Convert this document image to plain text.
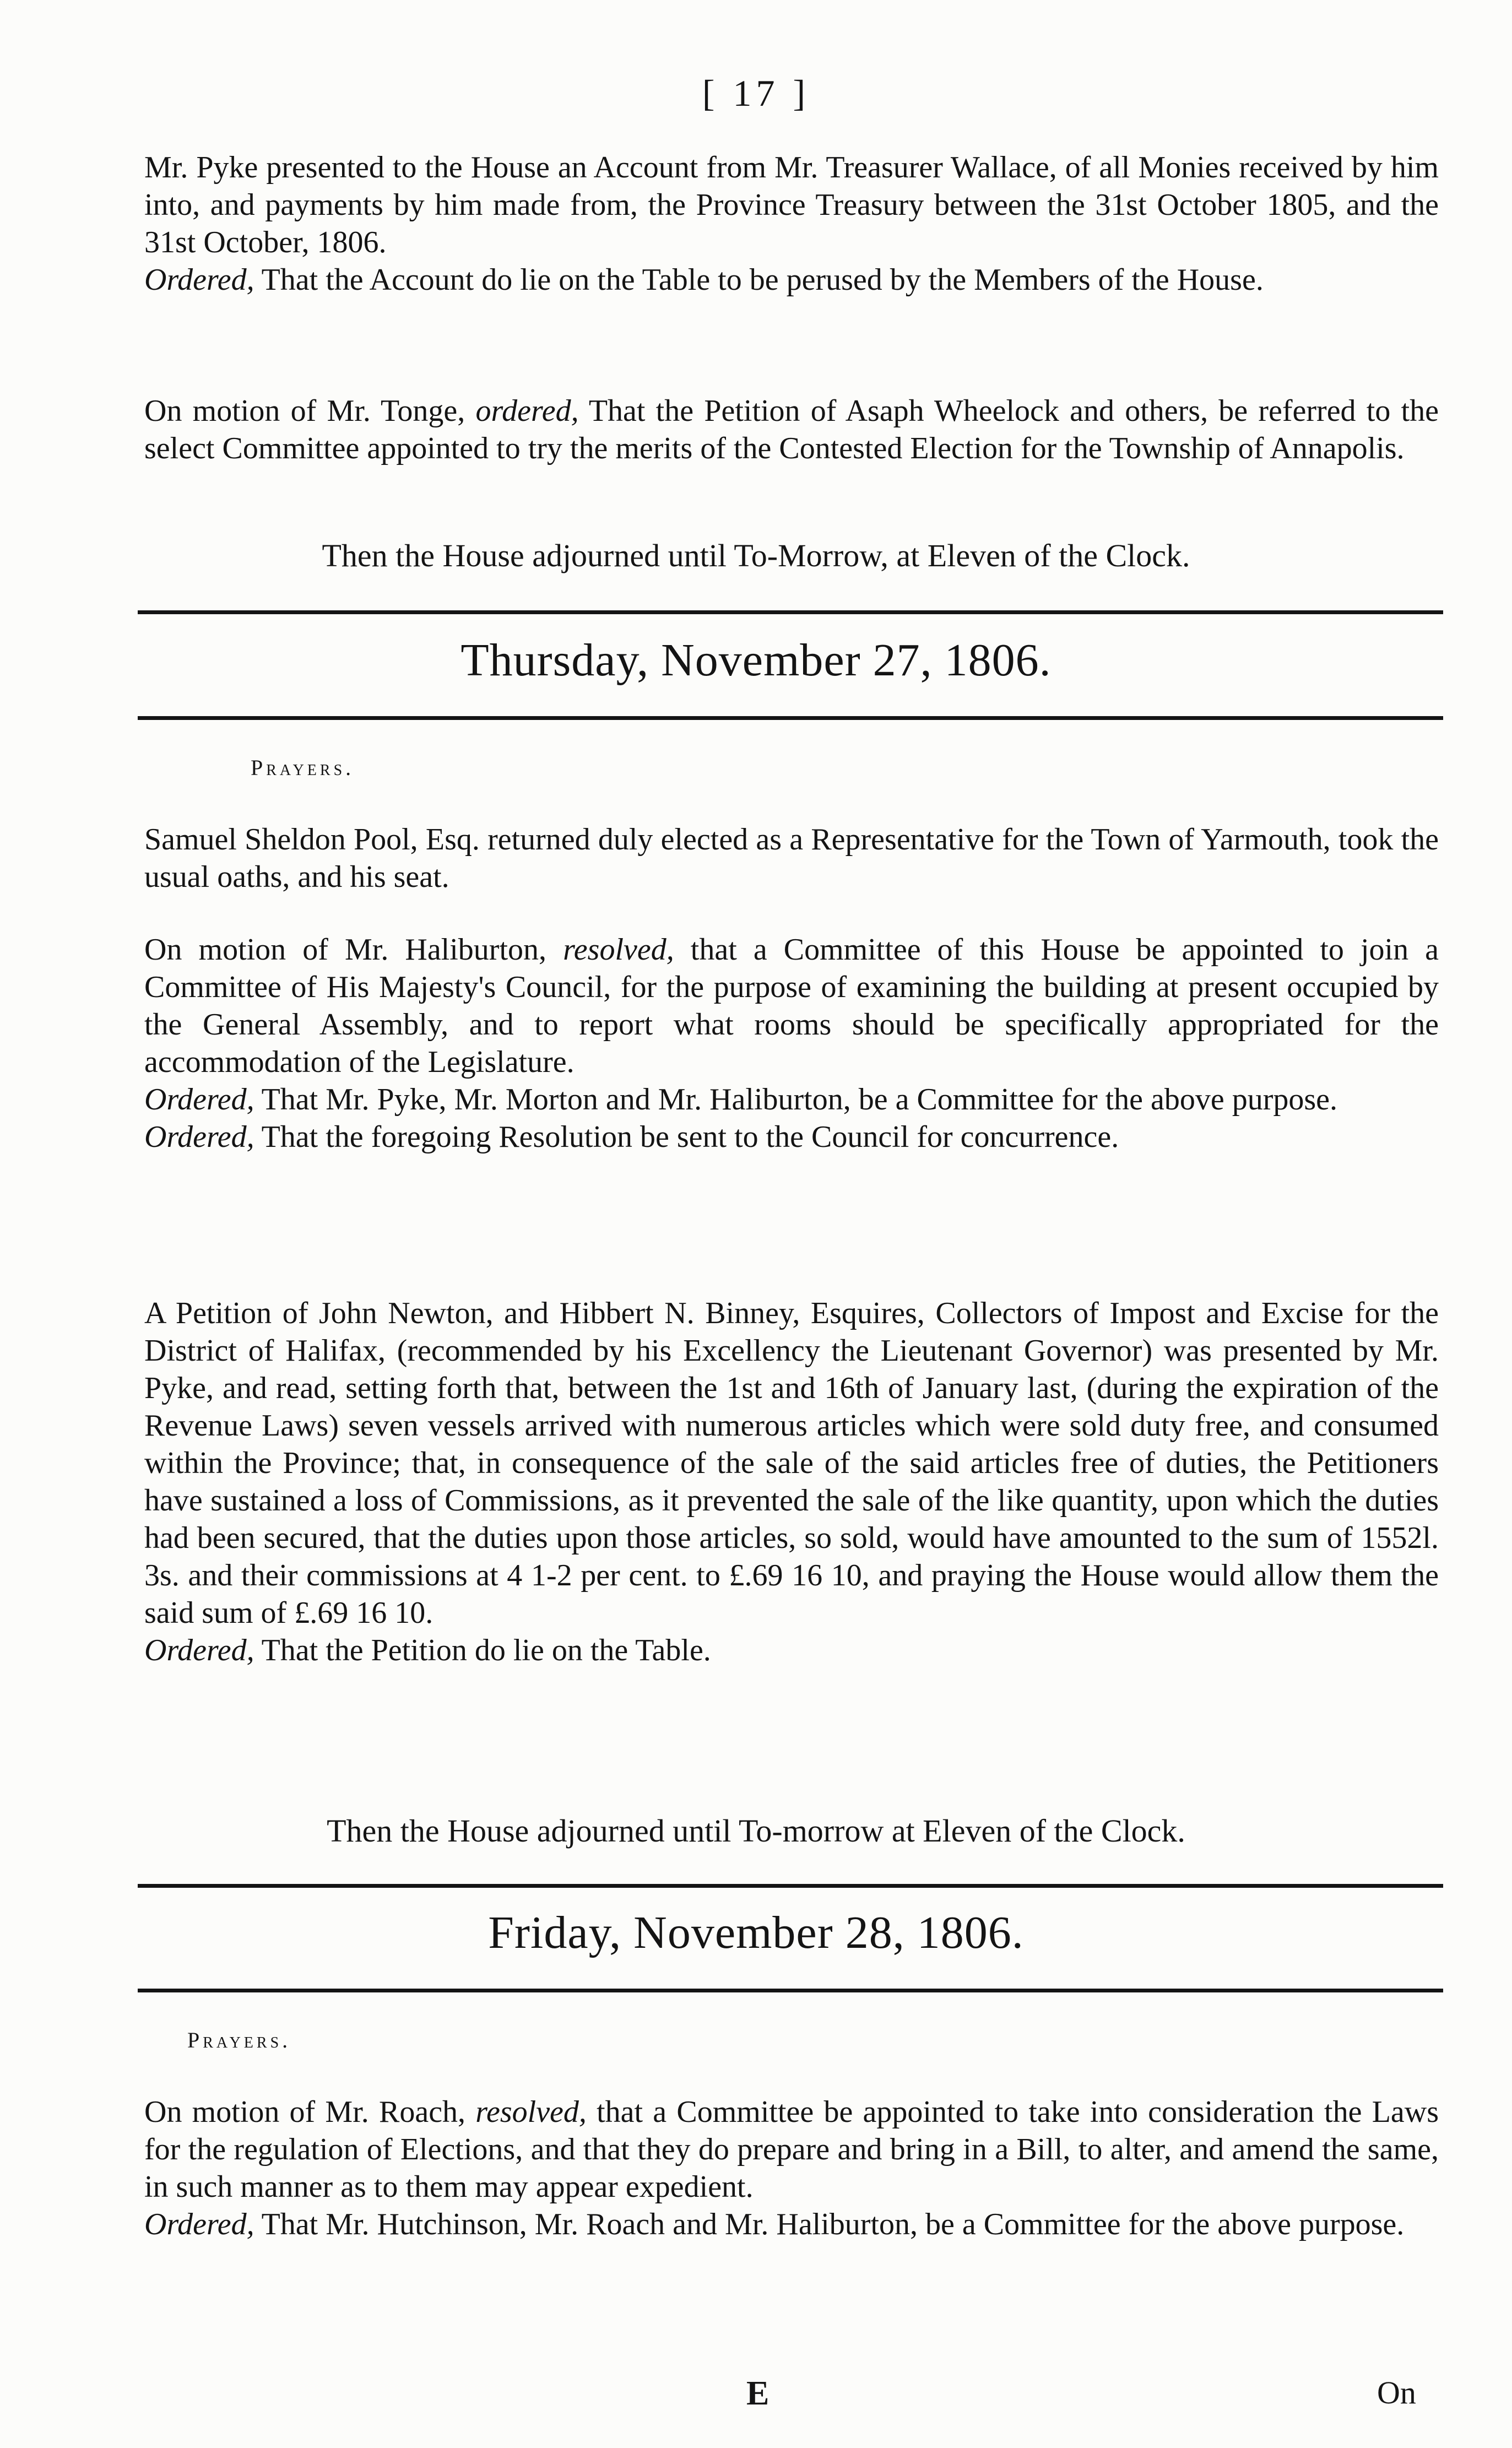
[ 17 ]

Mr. Pyke presented to the House an Account from Mr. Treasurer Wallace, of all Monies received by him into, and payments by him made from, the Province Treasury between the 31st October 1805, and the 31st October, 1806.
Ordered, That the Account do lie on the Table to be perused by the Members of the House.

On motion of Mr. Tonge, ordered, That the Petition of Asaph Wheelock and others, be referred to the select Committee appointed to try the merits of the Contested Election for the Township of Annapolis.

Then the House adjourned until To-Morrow, at Eleven of the Clock.
Thursday, November 27, 1806.
Prayers.

Samuel Sheldon Pool, Esq. returned duly elected as a Representative for the Town of Yarmouth, took the usual oaths, and his seat.

On motion of Mr. Haliburton, resolved, that a Committee of this House be appointed to join a Committee of His Majesty's Council, for the purpose of examining the building at present occupied by the General Assembly, and to report what rooms should be specifically appropriated for the accommodation of the Legislature.
Ordered, That Mr. Pyke, Mr. Morton and Mr. Haliburton, be a Committee for the above purpose.
Ordered, That the foregoing Resolution be sent to the Council for concurrence.

A Petition of John Newton, and Hibbert N. Binney, Esquires, Collectors of Impost and Excise for the District of Halifax, (recommended by his Excellency the Lieutenant Governor) was presented by Mr. Pyke, and read, setting forth that, between the 1st and 16th of January last, (during the expiration of the Revenue Laws) seven vessels arrived with numerous articles which were sold duty free, and consumed within the Province; that, in consequence of the sale of the said articles free of duties, the Petitioners have sustained a loss of Commissions, as it prevented the sale of the like quantity, upon which the duties had been secured, that the duties upon those articles, so sold, would have amounted to the sum of 1552l. 3s. and their commissions at 4 1-2 per cent. to £.69 16 10, and praying the House would allow them the said sum of £.69 16 10.
Ordered, That the Petition do lie on the Table.

Then the House adjourned until To-morrow at Eleven of the Clock.
Friday, November 28, 1806.
Prayers.

On motion of Mr. Roach, resolved, that a Committee be appointed to take into consideration the Laws for the regulation of Elections, and that they do prepare and bring in a Bill, to alter, and amend the same, in such manner as to them may appear expedient.
Ordered, That Mr. Hutchinson, Mr. Roach and Mr. Haliburton, be a Committee for the above purpose.

E	On
